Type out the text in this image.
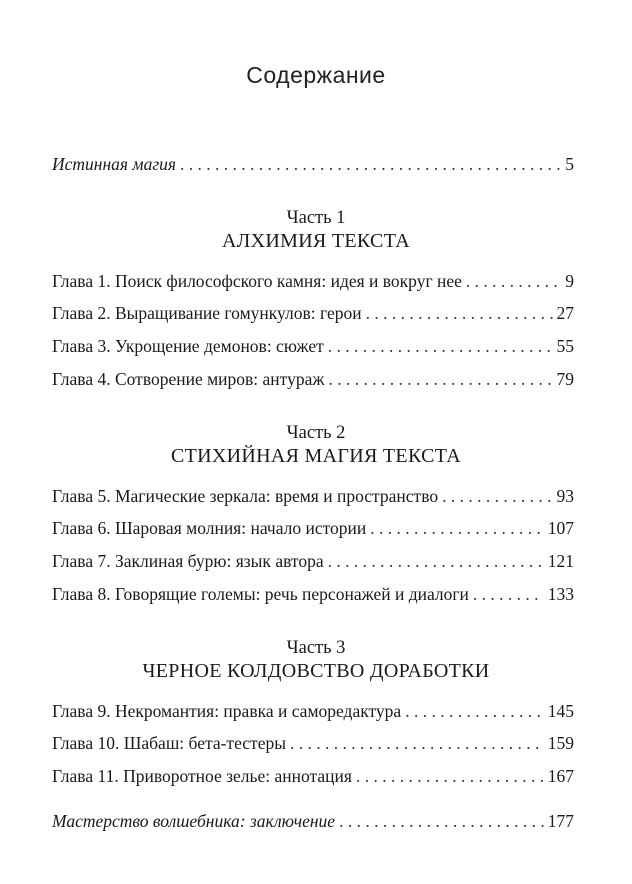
Содержание
Истинная магия . . .	5
Часть 1
АЛХИМИЯ ТЕКСТА
Глава 1. Поиск философского камня: идея и вокруг нее . . .	9
Глава 2. Выращивание гомункулов: герои . . .	27
Глава 3. Укрощение демонов: сюжет . . .	55
Глава 4. Сотворение миров: антураж . . .	79
Часть 2
СТИХИЙНАЯ МАГИЯ ТЕКСТА
Глава 5. Магические зеркала: время и пространство . . .	93
Глава 6. Шаровая молния: начало истории . . .	107
Глава 7. Заклиная бурю: язык автора . . .	121
Глава 8. Говорящие големы: речь персонажей и диалоги . . .	133
Часть 3
ЧЕРНОЕ КОЛДОВСТВО ДОРАБОТКИ
Глава 9. Некромантия: правка и саморедактура . . .	145
Глава 10. Шабаш: бета-тестеры . . .	159
Глава 11. Приворотное зелье: аннотация . . .	167
Мастерство волшебника: заключение . . .	177
